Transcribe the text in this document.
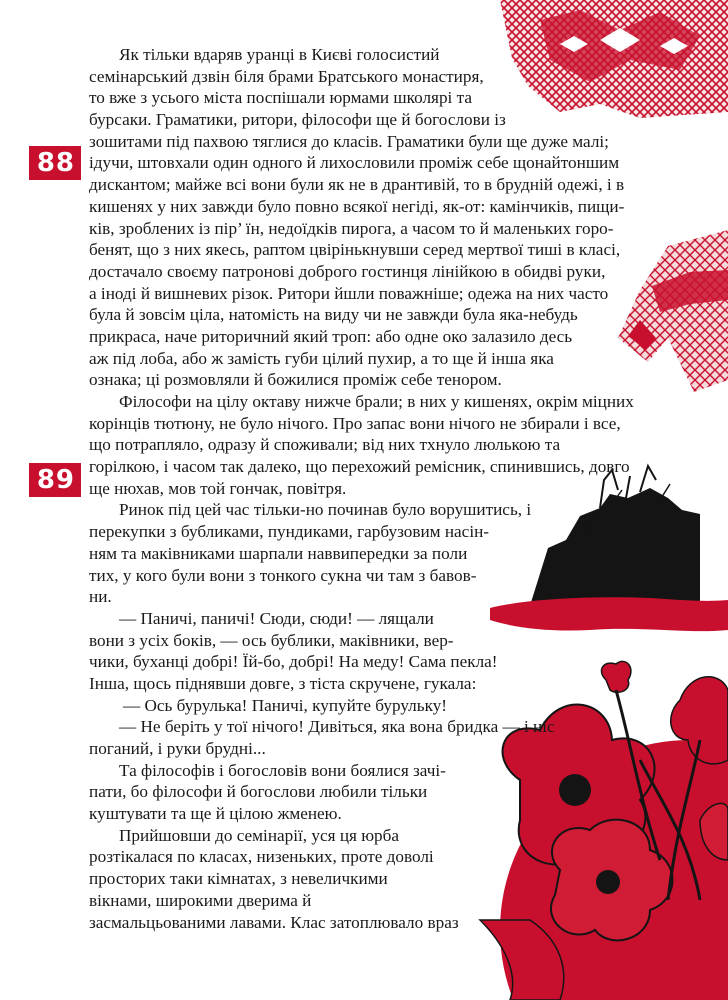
88
89
Як тільки вдаряв уранці в Києві голосистий
семінарський дзвін біля брами Братського монастиря,
то вже з усього міста поспішали юрмами школярі та
бурсаки. Граматики, ритори, філософи ще й богослови із
зошитами під пахвою тяглися до класів. Граматики були ще дуже малі;
ідучи, штовхали один одного й лихословили проміж себе щонайтоншим
дискантом; майже всі вони були як не в дрантивій, то в брудній одежі, і в
кишенях у них завжди було повно всякої негіді, як-от: камінчиків, пищи-
ків, зроблених із пір’ їн, недоїдків пирога, а часом то й маленьких горо-
бенят, що з них якесь, раптом цвірінькнувши серед мертвої тиші в класі,
достачало своєму патронові доброго гостинця лінійкою в обидві руки,
а іноді й вишневих різок. Ритори йшли поважніше; одежа на них часто
була й зовсім ціла, натомість на виду чи не завжди була яка-небудь
прикраса, наче риторичний який троп: або одне око залазило десь
аж під лоба, або ж замість губи цілий пухир, а то ще й інша яка
ознака; ці розмовляли й божилися проміж себе тенором.
Філософи на цілу октаву нижче брали; в них у кишенях, окрім міцних
корінців тютюну, не було нічого. Про запас вони нічого не збирали і все,
що потрапляло, одразу й споживали; від них тхнуло люлькою та
горілкою, і часом так далеко, що перехожий ремісник, спинившись, довго
ще нюхав, мов той гончак, повітря.
Ринок під цей час тільки-но починав було ворушитись, і
перекупки з бубликами, пундиками, гарбузовим насін-
ням та маківниками шарпали наввипередки за поли
тих, у кого були вони з тонкого сукна чи там з бавов-
ни.
— Паничі, паничі! Сюди, сюди! — лящали
вони з усіх боків, — ось бублики, маківники, вер-
чики, буханці добрі! Їй-бо, добрі! На меду! Сама пекла!
Інша, щось піднявши довге, з тіста скручене, гукала:
— Ось бурулька! Паничі, купуйте бурульку!
— Не беріть у тої нічого! Дивіться, яка вона бридка — і ніс
поганий, і руки брудні...
Та філософів і богословів вони боялися зачі-
пати, бо філософи й богослови любили тільки
куштувати та ще й цілою жменею.
Прийшовши до семінарії, уся ця юрба
розтікалася по класах, низеньких, проте доволі
просторих таки кімнатах, з невеличкими
вікнами, широкими дверима й
засмальцьованими лавами. Клас затоплювало враз
